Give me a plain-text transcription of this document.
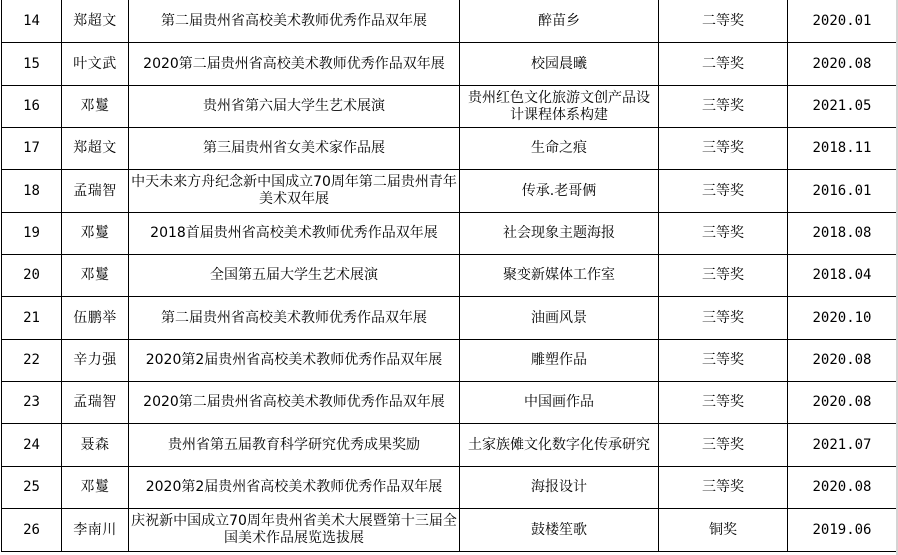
14	郑超文	第二届贵州省高校美术教师优秀作品双年展	醉苗乡	二等奖	2020.01
15	叶文武	2020第二届贵州省高校美术教师优秀作品双年展	校园晨曦	二等奖	2020.08
16	邓鬘	贵州省第六届大学生艺术展演	贵州红色文化旅游文创产品设计课程体系构建	三等奖	2021.05
17	郑超文	第三届贵州省女美术家作品展	生命之痕	三等奖	2018.11
18	孟瑞智	中天未来方舟纪念新中国成立70周年第二届贵州青年美术双年展	传承.老哥俩	三等奖	2016.01
19	邓鬘	2018首届贵州省高校美术教师优秀作品双年展	社会现象主题海报	三等奖	2018.08
20	邓鬘	全国第五届大学生艺术展演	聚变新媒体工作室	三等奖	2018.04
21	伍鹏举	第二届贵州省高校美术教师优秀作品双年展	油画风景	三等奖	2020.10
22	辛力强	2020第2届贵州省高校美术教师优秀作品双年展	雕塑作品	三等奖	2020.08
23	孟瑞智	2020第二届贵州省高校美术教师优秀作品双年展	中国画作品	三等奖	2020.08
24	聂森	贵州省第五届教育科学研究优秀成果奖励	土家族傩文化数字化传承研究	三等奖	2021.07
25	邓鬘	2020第2届贵州省高校美术教师优秀作品双年展	海报设计	三等奖	2020.08
26	李南川	庆祝新中国成立70周年贵州省美术大展暨第十三届全国美术作品展览选拔展	鼓楼笙歌	铜奖	2019.06
